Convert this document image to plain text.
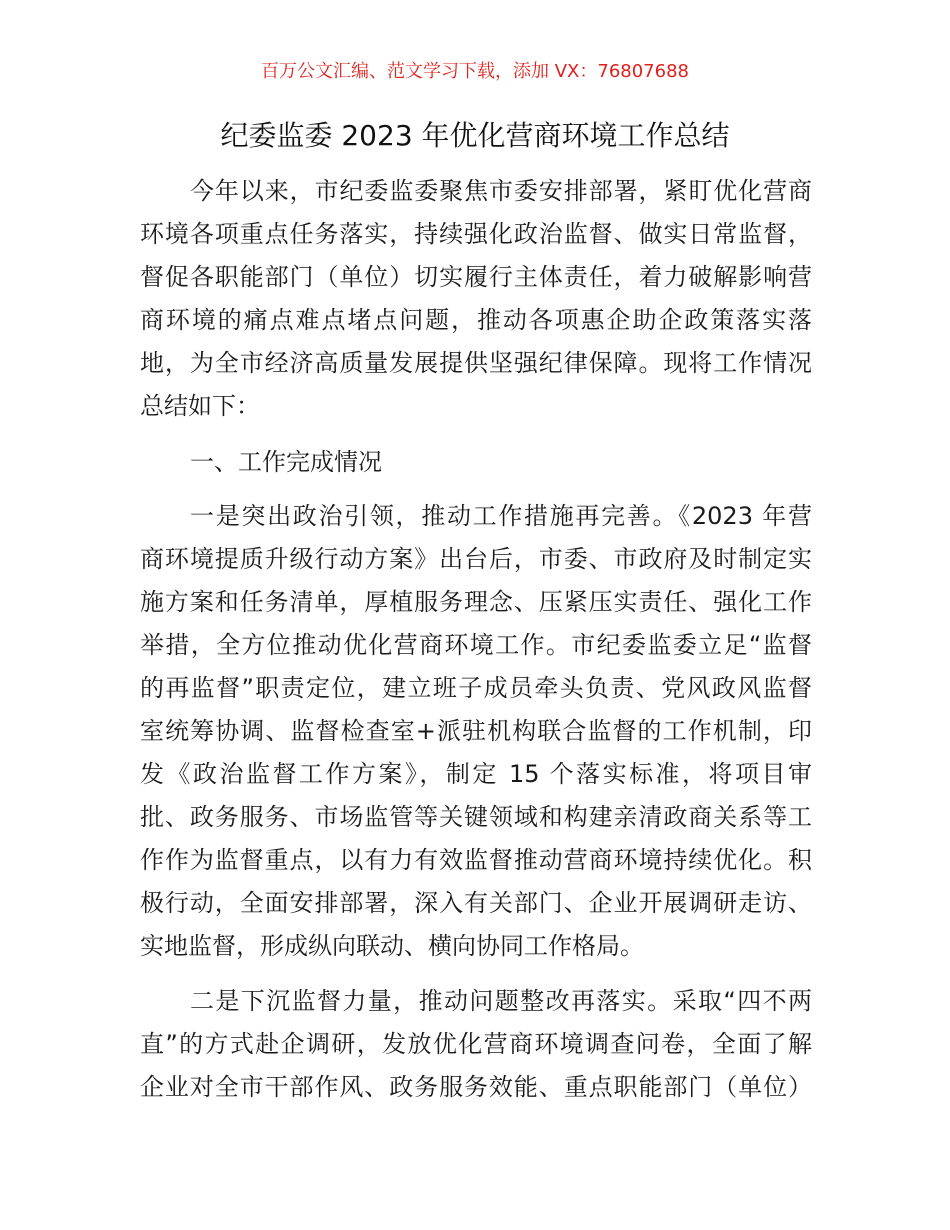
百万公文汇编、范文学习下载，添加 VX：76807688
纪委监委 2023 年优化营商环境工作总结
今年以来，市纪委监委聚焦市委安排部署，紧盯优化营商
环境各项重点任务落实，持续强化政治监督、做实日常监督，
督促各职能部门（单位）切实履行主体责任，着力破解影响营
商环境的痛点难点堵点问题，推动各项惠企助企政策落实落
地，为全市经济高质量发展提供坚强纪律保障。现将工作情况
总结如下：
一、工作完成情况
一是突出政治引领，推动工作措施再完善。《2023 年营
商环境提质升级行动方案》出台后，市委、市政府及时制定实
施方案和任务清单，厚植服务理念、压紧压实责任、强化工作
举措，全方位推动优化营商环境工作。市纪委监委立足“监督
的再监督”职责定位，建立班子成员牵头负责、党风政风监督
室统筹协调、监督检查室+派驻机构联合监督的工作机制，印
发《政治监督工作方案》，制定 15 个落实标准，将项目审
批、政务服务、市场监管等关键领域和构建亲清政商关系等工
作作为监督重点，以有力有效监督推动营商环境持续优化。积
极行动，全面安排部署，深入有关部门、企业开展调研走访、
实地监督，形成纵向联动、横向协同工作格局。
二是下沉监督力量，推动问题整改再落实。采取“四不两
直”的方式赴企调研，发放优化营商环境调查问卷，全面了解
企业对全市干部作风、政务服务效能、重点职能部门（单位）
